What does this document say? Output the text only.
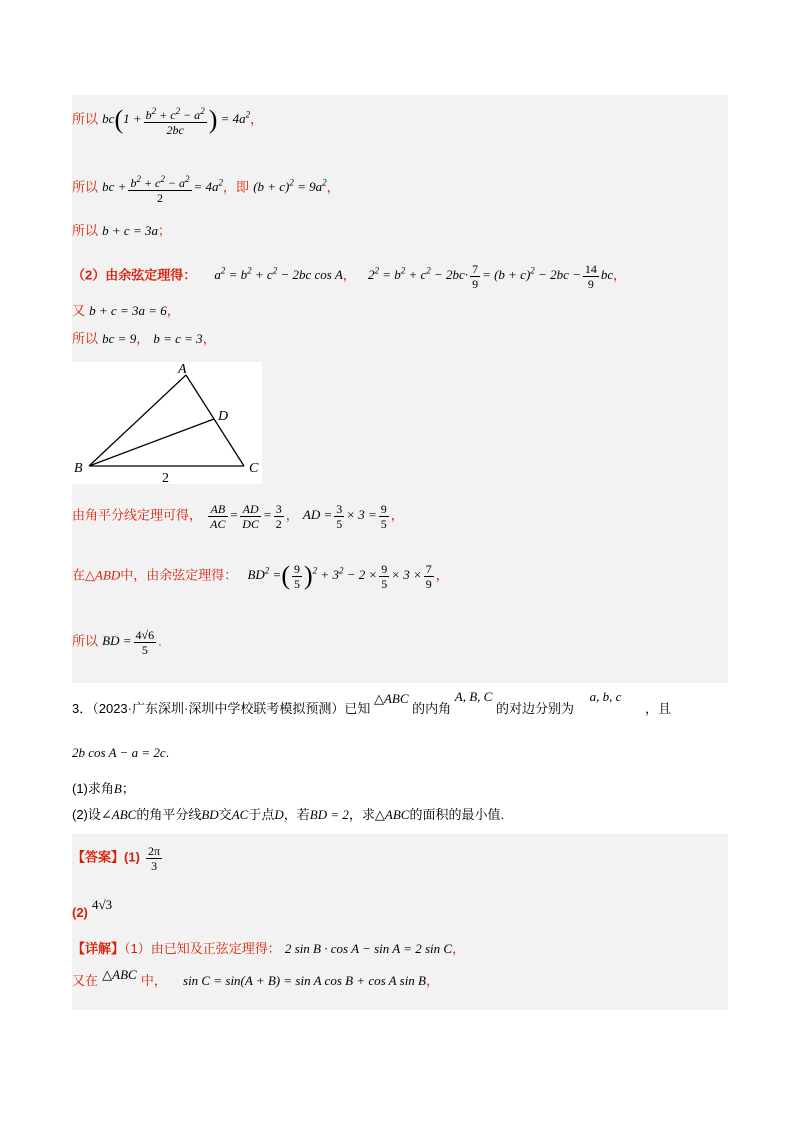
所以 $bc(1 + \frac{b^2 + c^2 - a^2}{2bc}$ ) = $4a^2$，
所以 bc + $\frac{b^2 + c^2 - a^2}{2} = 4a^2$，即 $(b + c)^2 = 9a^2$，
所以 b + c = 3a；
（2）由余弦定理得： $a^2 = b^2 + c^2 - 2bc$ cos A， $2^2 = b^2 + c^2 - 2bc\cdot \frac{7}{9} = (b + c)^2 - 2bc - \frac{14}{9}$ bc，
又 b + c = 3a = 6，
所以 bc = 9， b = c = 3，
A
D
B	C
2
由角平分线定理可得， $\frac{AB}{AC} = \frac{AD}{DC} = \frac{3}{2}$ ， AD = $\frac{3}{5} \times 3 = \frac{9}{5}$ ，
在△ABD中，由余弦定理得： $BD^2$ =( $\frac{9}{5} )^2 + 3^2 - 2 \times \frac{9}{5} \times 3 \times \frac{7}{9}$ ，
所以 BD = $\frac{4√6}{5}$ .
3．（2023·广东深圳·深圳中学校联考模拟预测）已知 △ABC 的内角 A, B, C 的对边分别为 a, b, c ，且
2b cos A − a = 2c.
(1)求角B；
(2)设∠ABC的角平分线BD交AC于点D，若BD = 2，求△ABC的面积的最小值.
【答案】$(1) \frac{2\pi}{3}$
(2) 4√3
【详解】（1）由已知及正弦定理得： 2 sin B · cos A − sin A = 2 sin C，
又在 △ABC 中， sin C = sin(A + B) = sin A cos B + cos A sin B，
